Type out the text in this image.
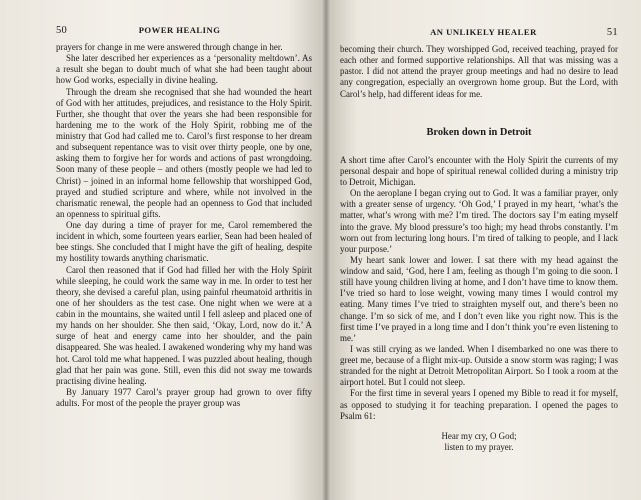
50	POWER HEALING

prayers for change in me were answered through change in her.

She later described her experiences as a ‘personality meltdown’. As a result she began to doubt much of what she had been taught about how God works, especially in divine healing.

Through the dream she recognised that she had wounded the heart of God with her attitudes, prejudices, and resistance to the Holy Spirit. Further, she thought that over the years she had been responsible for hardening me to the work of the Holy Spirit, robbing me of the ministry that God had called me to. Carol’s first response to her dream and subsequent repentance was to visit over thirty people, one by one, asking them to forgive her for words and actions of past wrongdoing. Soon many of these people – and others (mostly people we had led to Christ) – joined in an informal home fellowship that worshipped God, prayed and studied scripture and where, while not involved in the charismatic renewal, the people had an openness to God that included an openness to spiritual gifts.

One day during a time of prayer for me, Carol remembered the incident in which, some fourteen years earlier, Sean had been healed of bee stings. She concluded that I might have the gift of healing, despite my hostility towards anything charismatic.

Carol then reasoned that if God had filled her with the Holy Spirit while sleeping, he could work the same way in me. In order to test her theory, she devised a careful plan, using painful rheumatoid arthritis in one of her shoulders as the test case. One night when we were at a cabin in the mountains, she waited until I fell asleep and placed one of my hands on her shoulder. She then said, ‘Okay, Lord, now do it.’ A surge of heat and energy came into her shoulder, and the pain disappeared. She was healed. I awakened wondering why my hand was hot. Carol told me what happened. I was puzzled about healing, though glad that her pain was gone. Still, even this did not sway me towards practising divine healing.

By January 1977 Carol’s prayer group had grown to over fifty adults. For most of the people the prayer group was

AN UNLIKELY HEALER	51

becoming their church. They worshipped God, received teaching, prayed for each other and formed supportive relationships. All that was missing was a pastor. I did not attend the prayer group meetings and had no desire to lead any congregation, especially an overgrown home group. But the Lord, with Carol’s help, had different ideas for me.

Broken down in Detroit

A short time after Carol’s encounter with the Holy Spirit the currents of my personal despair and hope of spiritual renewal collided during a ministry trip to Detroit, Michigan.

On the aeroplane I began crying out to God. It was a familiar prayer, only with a greater sense of urgency. ‘Oh God,’ I prayed in my heart, ‘what’s the matter, what’s wrong with me? I’m tired. The doctors say I’m eating myself into the grave. My blood pressure’s too high; my head throbs constantly. I’m worn out from lecturing long hours. I’m tired of talking to people, and I lack your purpose.’

My heart sank lower and lower. I sat there with my head against the window and said, ‘God, here I am, feeling as though I’m going to die soon. I still have young children living at home, and I don’t have time to know them. I’ve tried so hard to lose weight, vowing many times I would control my eating. Many times I’ve tried to straighten myself out, and there’s been no change. I’m so sick of me, and I don’t even like you right now. This is the first time I’ve prayed in a long time and I don’t think you’re even listening to me.’

I was still crying as we landed. When I disembarked no one was there to greet me, because of a flight mix-up. Outside a snow storm was raging; I was stranded for the night at Detroit Metropolitan Airport. So I took a room at the airport hotel. But I could not sleep.

For the first time in several years I opened my Bible to read it for myself, as opposed to studying it for teaching preparation. I opened the pages to Psalm 61:

Hear my cry, O God;
listen to my prayer.
